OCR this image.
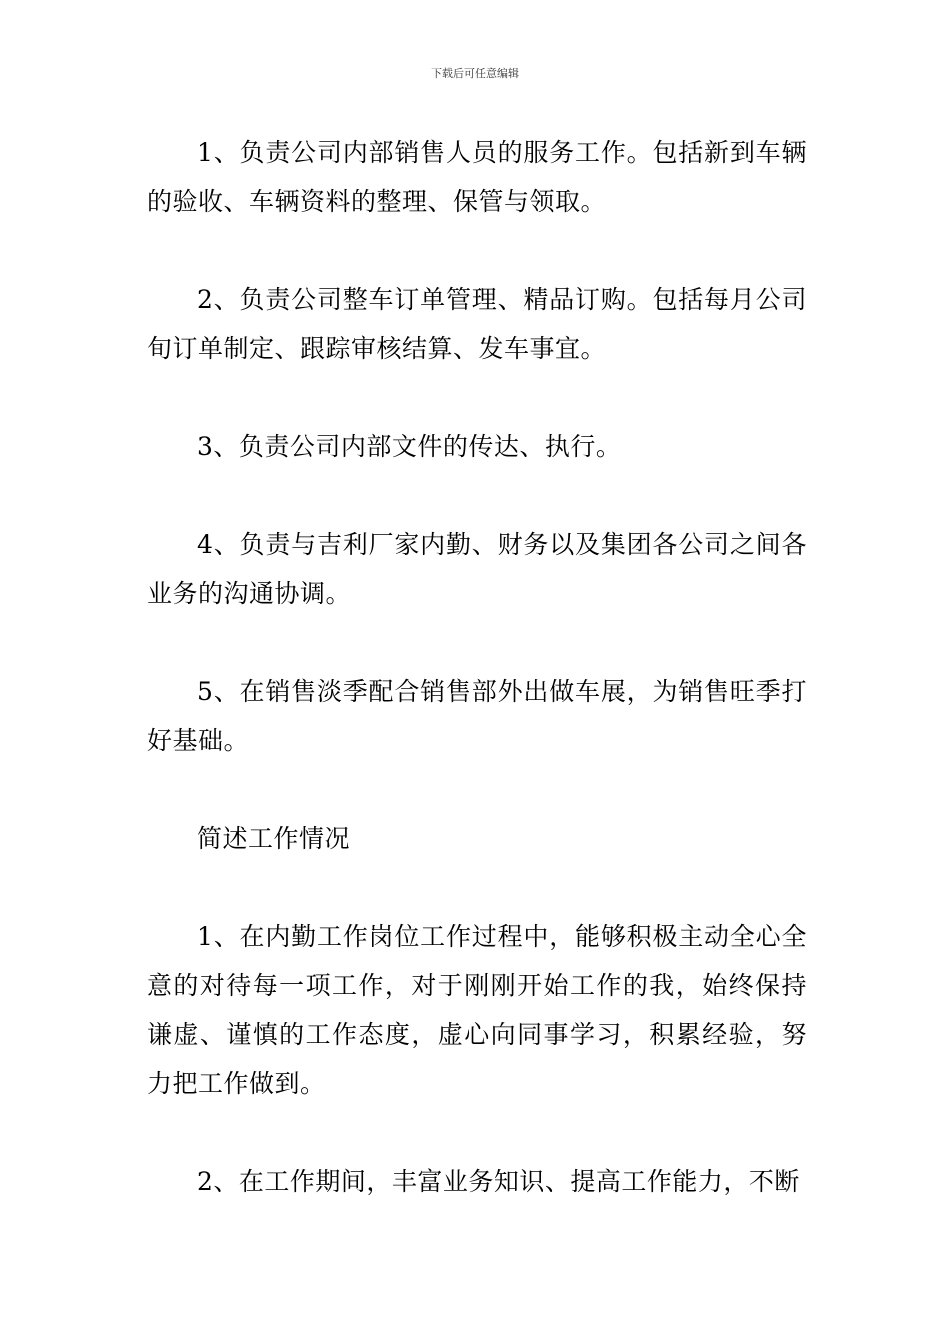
下载后可任意编辑

1、负责公司内部销售人员的服务工作。包括新到车辆的验收、车辆资料的整理、保管与领取。

2、负责公司整车订单管理、精品订购。包括每月公司旬订单制定、跟踪审核结算、发车事宜。

3、负责公司内部文件的传达、执行。

4、负责与吉利厂家内勤、财务以及集团各公司之间各业务的沟通协调。

5、在销售淡季配合销售部外出做车展，为销售旺季打好基础。

简述工作情况

1、在内勤工作岗位工作过程中，能够积极主动全心全意的对待每一项工作，对于刚刚开始工作的我，始终保持谦虚、谨慎的工作态度，虚心向同事学习，积累经验，努力把工作做到。

2、在工作期间，丰富业务知识、提高工作能力，不断
